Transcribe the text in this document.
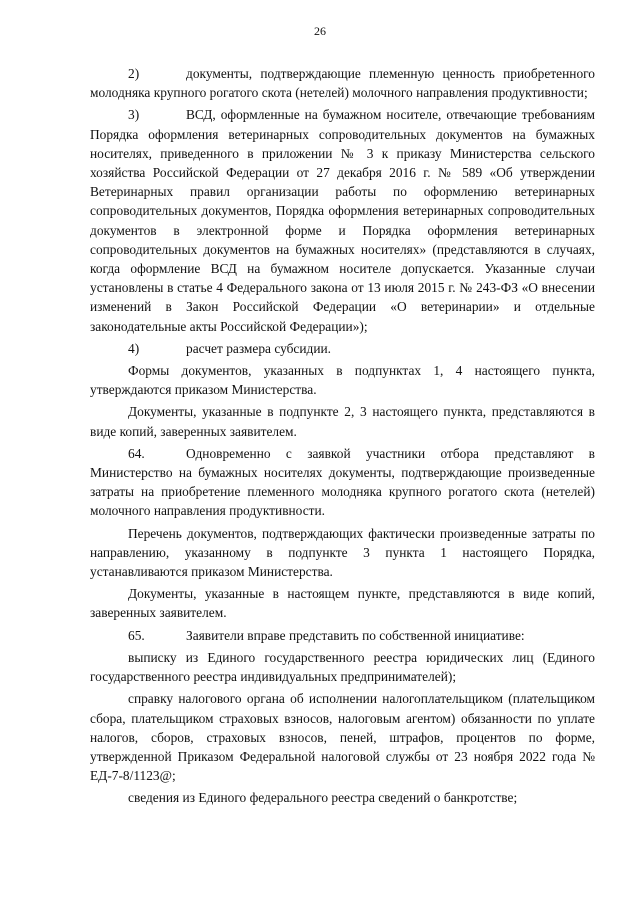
26

2)	документы, подтверждающие племенную ценность приобретенного молодняка крупного рогатого скота (нетелей) молочного направления продуктивности;

3)	ВСД, оформленные на бумажном носителе, отвечающие требованиям Порядка оформления ветеринарных сопроводительных документов на бумажных носителях, приведенного в приложении № 3 к приказу Министерства сельского хозяйства Российской Федерации от 27 декабря 2016 г. № 589 «Об утверждении Ветеринарных правил организации работы по оформлению ветеринарных сопроводительных документов, Порядка оформления ветеринарных сопроводительных документов в электронной форме и Порядка оформления ветеринарных сопроводительных документов на бумажных носителях» (представляются в случаях, когда оформление ВСД на бумажном носителе допускается. Указанные случаи установлены в статье 4 Федерального закона от 13 июля 2015 г. № 243-ФЗ «О внесении изменений в Закон Российской Федерации «О ветеринарии» и отдельные законодательные акты Российской Федерации»);

4)	расчет размера субсидии.

Формы документов, указанных в подпунктах 1, 4 настоящего пункта, утверждаются приказом Министерства.

Документы, указанные в подпункте 2, 3 настоящего пункта, представляются в виде копий, заверенных заявителем.

64.	Одновременно с заявкой участники отбора представляют в Министерство на бумажных носителях документы, подтверждающие произведенные затраты на приобретение племенного молодняка крупного рогатого скота (нетелей) молочного направления продуктивности.

Перечень документов, подтверждающих фактически произведенные затраты по направлению, указанному в подпункте 3 пункта 1 настоящего Порядка, устанавливаются приказом Министерства.

Документы, указанные в настоящем пункте, представляются в виде копий, заверенных заявителем.

65.	Заявители вправе представить по собственной инициативе:

выписку из Единого государственного реестра юридических лиц (Единого государственного реестра индивидуальных предпринимателей);

справку налогового органа об исполнении налогоплательщиком (плательщиком сбора, плательщиком страховых взносов, налоговым агентом) обязанности по уплате налогов, сборов, страховых взносов, пеней, штрафов, процентов по форме, утвержденной Приказом Федеральной налоговой службы от 23 ноября 2022 года № ЕД-7-8/1123@;

сведения из Единого федерального реестра сведений о банкротстве;
